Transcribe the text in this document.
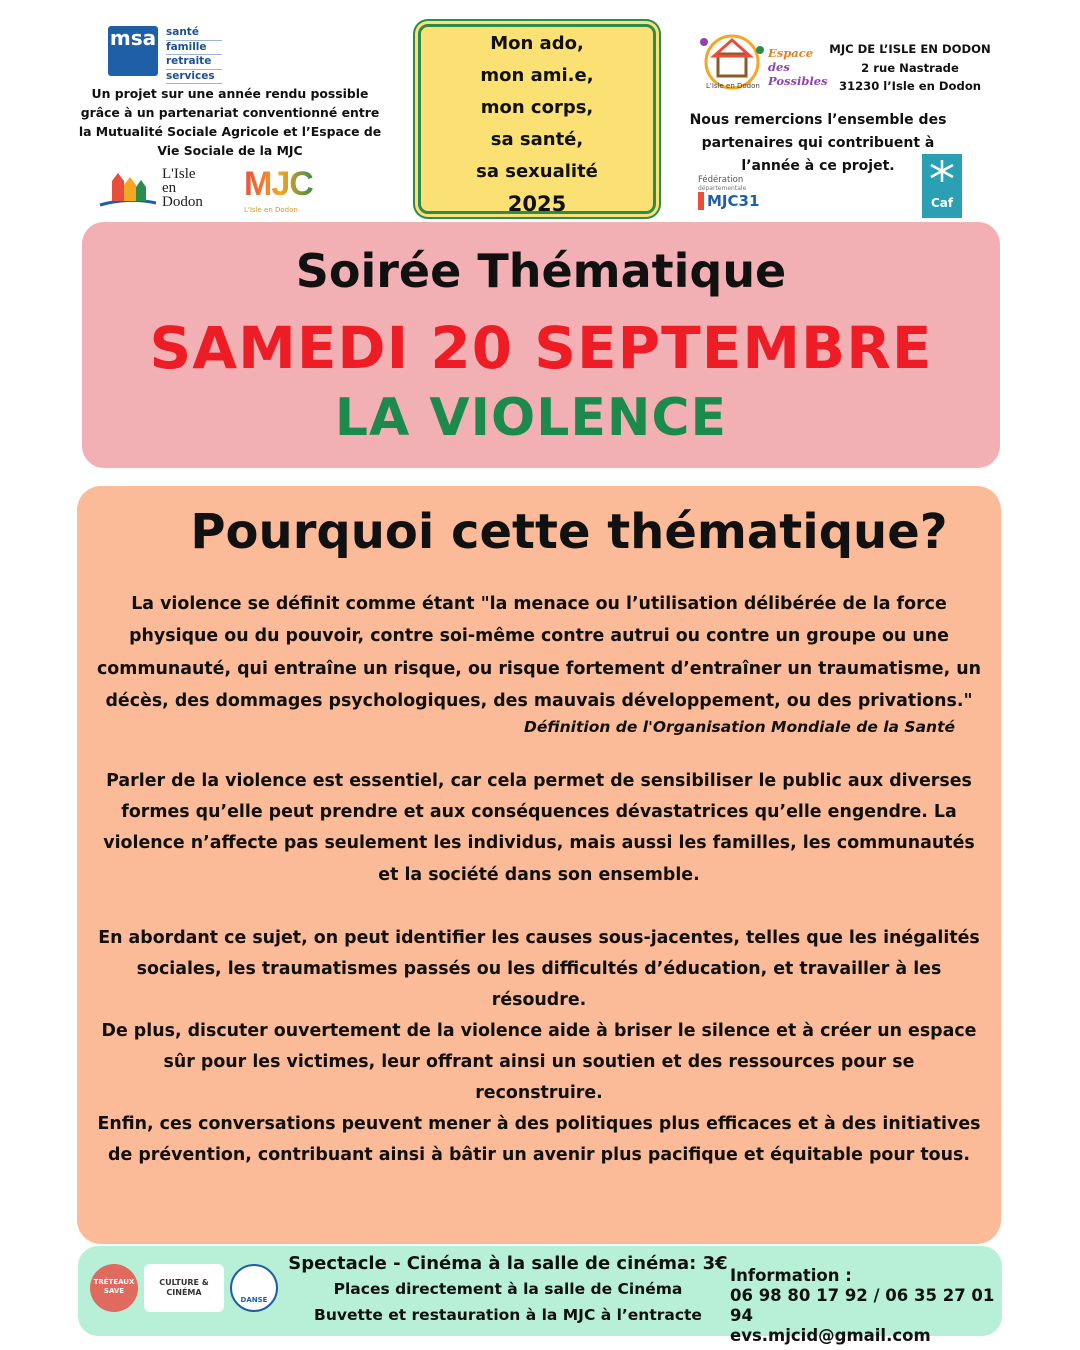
msa santé
famille
retraite
services
Un projet sur une année rendu possible grâce à un partenariat conventionné entre la Mutualité Sociale Agricole et l’Espace de Vie Sociale de la MJC
L'Isle
en
Dodon MJC
L'Isle en Dodon
Mon ado,
mon ami.e,
mon corps,
sa santé,
sa sexualité
2025
Espace
des Possibles
L'Isle en Dodon
MJC DE L’ISLE EN DODON
2 rue Nastrade
31230 l’Isle en Dodon
Nous remercions l’ensemble des partenaires qui contribuent à l’année à ce projet.
Fédération
départementale
MJC31	Caf
Soirée Thématique
SAMEDI 20 SEPTEMBRE
LA VIOLENCE
Pourquoi cette thématique?
La violence se définit comme étant "la menace ou l’utilisation délibérée de la force physique ou du pouvoir, contre soi-même contre autrui ou contre un groupe ou une communauté, qui entraîne un risque, ou risque fortement d’entraîner un traumatisme, un décès, des dommages psychologiques, des mauvais développement, ou des privations."
Définition de l'Organisation Mondiale de la Santé
Parler de la violence est essentiel, car cela permet de sensibiliser le public aux diverses formes qu’elle peut prendre et aux conséquences dévastatrices qu’elle engendre. La violence n’affecte pas seulement les individus, mais aussi les familles, les communautés et la société dans son ensemble.
En abordant ce sujet, on peut identifier les causes sous-jacentes, telles que les inégalités sociales, les traumatismes passés ou les difficultés d’éducation, et travailler à les résoudre.
De plus, discuter ouvertement de la violence aide à briser le silence et à créer un espace sûr pour les victimes, leur offrant ainsi un soutien et des ressources pour se reconstruire.
Enfin, ces conversations peuvent mener à des politiques plus efficaces et à des initiatives de prévention, contribuant ainsi à bâtir un avenir plus pacifique et équitable pour tous.
TRÉTEAUX SAVE
CULTURE & CINÉMA
DANSE
Spectacle - Cinéma à la salle de cinéma: 3€
Places directement à la salle de Cinéma
Buvette et restauration à la MJC à l’entracte
Information :
06 98 80 17 92 / 06 35 27 01 94
evs.mjcid@gmail.com
